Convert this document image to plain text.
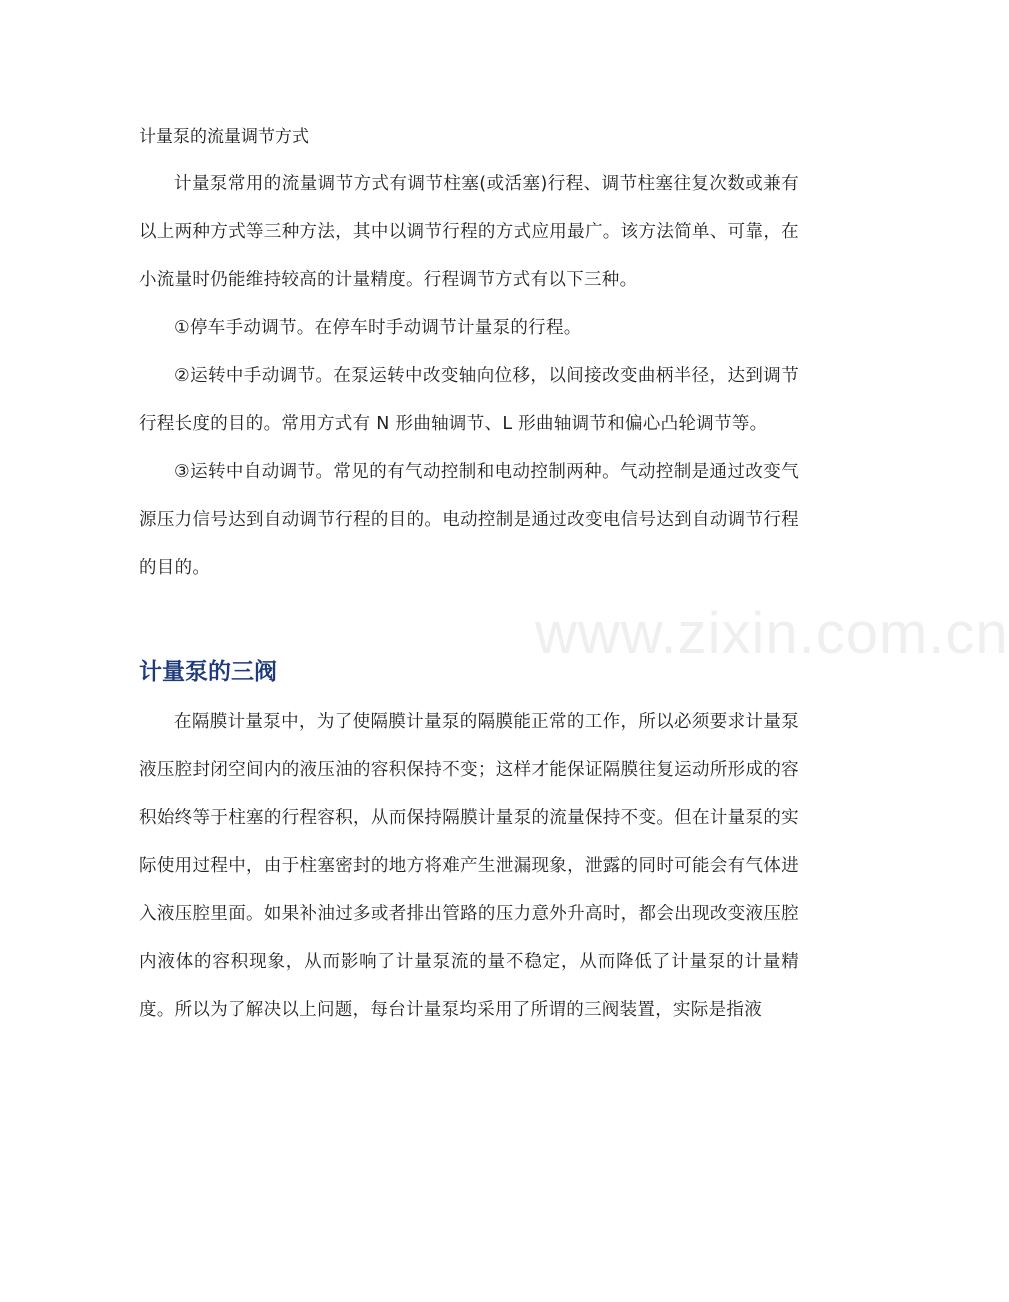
计量泵的流量调节方式

计量泵常用的流量调节方式有调节柱塞(或活塞)行程、调节柱塞往复次数或兼有以上两种方式等三种方法，其中以调节行程的方式应用最广。该方法简单、可靠，在小流量时仍能维持较高的计量精度。行程调节方式有以下三种。

①停车手动调节。在停车时手动调节计量泵的行程。

②运转中手动调节。在泵运转中改变轴向位移，以间接改变曲柄半径，达到调节行程长度的目的。常用方式有 N 形曲轴调节、L 形曲轴调节和偏心凸轮调节等。

③运转中自动调节。常见的有气动控制和电动控制两种。气动控制是通过改变气源压力信号达到自动调节行程的目的。电动控制是通过改变电信号达到自动调节行程的目的。

计量泵的三阀

在隔膜计量泵中，为了使隔膜计量泵的隔膜能正常的工作，所以必须要求计量泵液压腔封闭空间内的液压油的容积保持不变；这样才能保证隔膜往复运动所形成的容积始终等于柱塞的行程容积，从而保持隔膜计量泵的流量保持不变。但在计量泵的实际使用过程中，由于柱塞密封的地方将难产生泄漏现象，泄露的同时可能会有气体进入液压腔里面。如果补油过多或者排出管路的压力意外升高时，都会出现改变液压腔内液体的容积现象，从而影响了计量泵流的量不稳定，从而降低了计量泵的计量精度。所以为了解决以上问题，每台计量泵均采用了所谓的三阀装置，实际是指液

www.zixin.com.cn
